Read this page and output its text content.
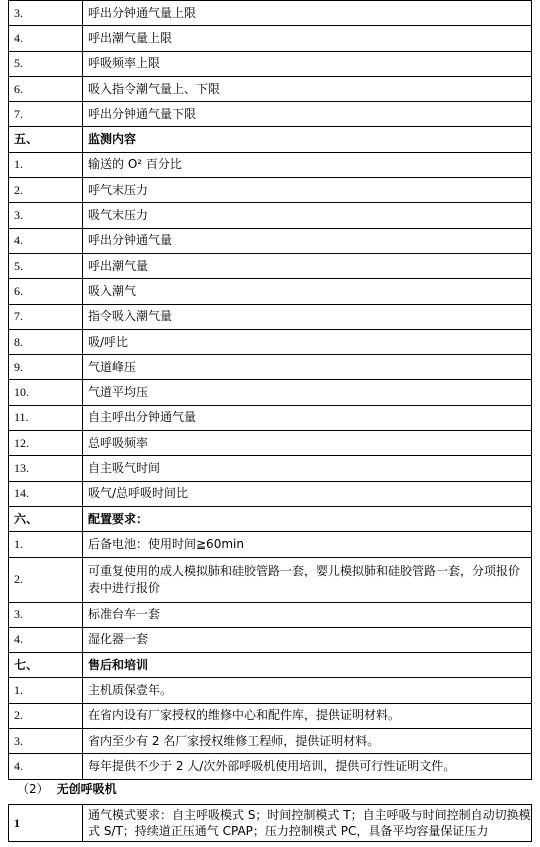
3.	呼出分钟通气量上限
4.	呼出潮气量上限
5.	呼吸频率上限
6.	吸入指令潮气量上、下限
7.	呼出分钟通气量下限
五、	监测内容
1.	输送的 O² 百分比
2.	呼气末压力
3.	吸气末压力
4.	呼出分钟通气量
5.	呼出潮气量
6.	吸入潮气
7.	指令吸入潮气量
8.	吸/呼比
9.	气道峰压
10.	气道平均压
11.	自主呼出分钟通气量
12.	总呼吸频率
13.	自主吸气时间
14.	吸气/总呼吸时间比
六、	配置要求：
1.	后备电池：使用时间≧60min
2.	可重复使用的成人模拟肺和硅胶管路一套，婴儿模拟肺和硅胶管路一套，分项报价表中进行报价
3.	标准台车一套
4.	湿化器一套
七、	售后和培训
1.	主机质保壹年。
2.	在省内设有厂家授权的维修中心和配件库，提供证明材料。
3.	省内至少有 2 名厂家授权维修工程师，提供证明材料。
4.	每年提供不少于 2 人/次外部呼吸机使用培训，提供可行性证明文件。
（2） 无创呼吸机
1	通气模式要求：自主呼吸模式 S；时间控制模式 T；自主呼吸与时间控制自动切换模式 S/T；持续道正压通气 CPAP；压力控制模式 PC，具备平均容量保证压力
